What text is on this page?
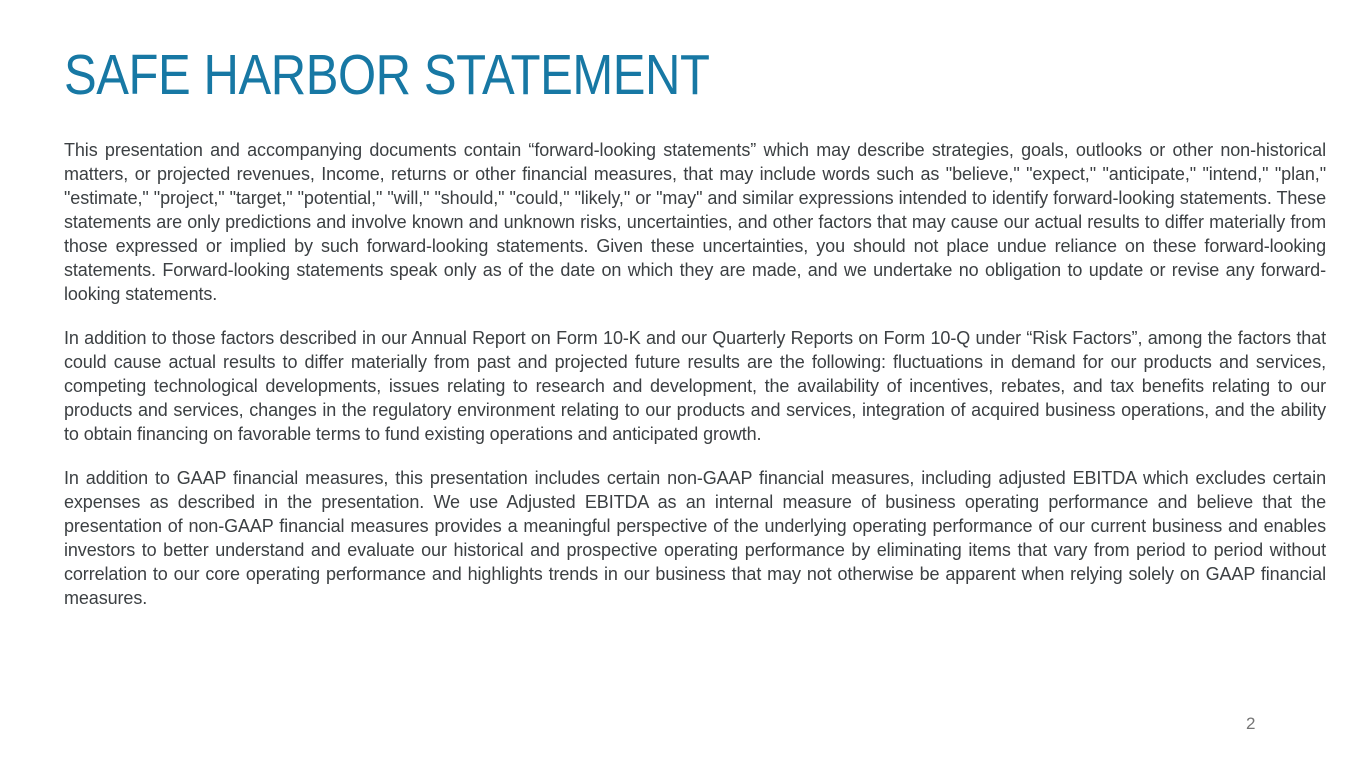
SAFE HARBOR STATEMENT

This presentation and accompanying documents contain “forward-looking statements” which may describe strategies, goals, outlooks or other non-historical matters, or projected revenues, Income, returns or other financial measures, that may include words such as "believe," "expect," "anticipate," "intend," "plan," "estimate," "project," "target," "potential," "will," "should," "could," "likely," or "may" and similar expressions intended to identify forward-looking statements. These statements are only predictions and involve known and unknown risks, uncertainties, and other factors that may cause our actual results to differ materially from those expressed or implied by such forward-looking statements. Given these uncertainties, you should not place undue reliance on these forward-looking statements. Forward-looking statements speak only as of the date on which they are made, and we undertake no obligation to update or revise any forward-looking statements.

In addition to those factors described in our Annual Report on Form 10-K and our Quarterly Reports on Form 10-Q under “Risk Factors”, among the factors that could cause actual results to differ materially from past and projected future results are the following: fluctuations in demand for our products and services, competing technological developments, issues relating to research and development, the availability of incentives, rebates, and tax benefits relating to our products and services, changes in the regulatory environment relating to our products and services, integration of acquired business operations, and the ability to obtain financing on favorable terms to fund existing operations and anticipated growth.

In addition to GAAP financial measures, this presentation includes certain non-GAAP financial measures, including adjusted EBITDA which excludes certain expenses as described in the presentation. We use Adjusted EBITDA as an internal measure of business operating performance and believe that the presentation of non-GAAP financial measures provides a meaningful perspective of the underlying operating performance of our current business and enables investors to better understand and evaluate our historical and prospective operating performance by eliminating items that vary from period to period without correlation to our core operating performance and highlights trends in our business that may not otherwise be apparent when relying solely on GAAP financial measures.

2
